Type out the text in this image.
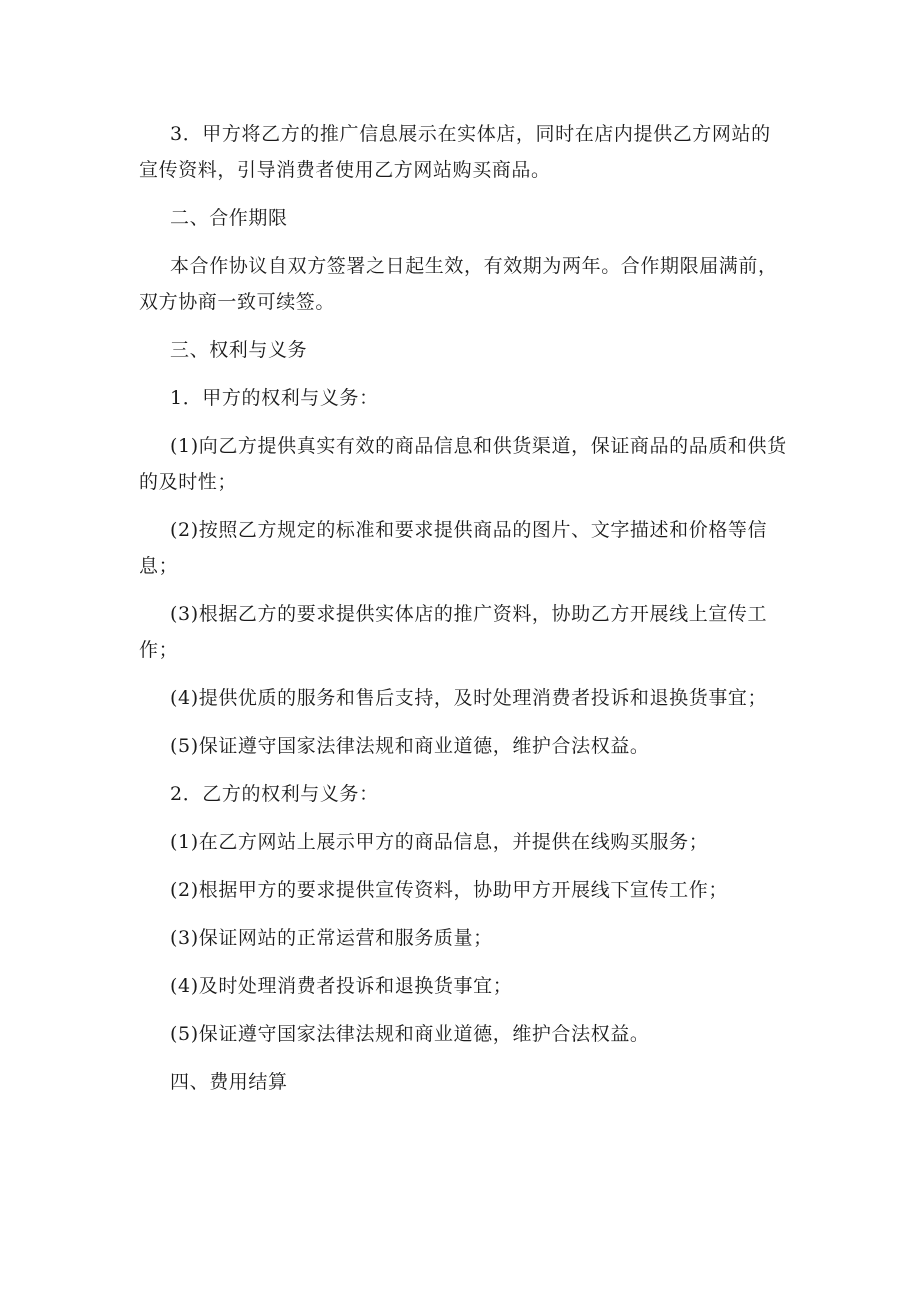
3．甲方将乙方的推广信息展示在实体店，同时在店内提供乙方网站的宣传资料，引导消费者使用乙方网站购买商品。

二、合作期限

本合作协议自双方签署之日起生效，有效期为两年。合作期限届满前，双方协商一致可续签。

三、权利与义务

1．甲方的权利与义务：

(1)向乙方提供真实有效的商品信息和供货渠道，保证商品的品质和供货的及时性；

(2)按照乙方规定的标准和要求提供商品的图片、文字描述和价格等信息；

(3)根据乙方的要求提供实体店的推广资料，协助乙方开展线上宣传工作；

(4)提供优质的服务和售后支持，及时处理消费者投诉和退换货事宜；

(5)保证遵守国家法律法规和商业道德，维护合法权益。

2．乙方的权利与义务：

(1)在乙方网站上展示甲方的商品信息，并提供在线购买服务；

(2)根据甲方的要求提供宣传资料，协助甲方开展线下宣传工作；

(3)保证网站的正常运营和服务质量；

(4)及时处理消费者投诉和退换货事宜；

(5)保证遵守国家法律法规和商业道德，维护合法权益。

四、费用结算
